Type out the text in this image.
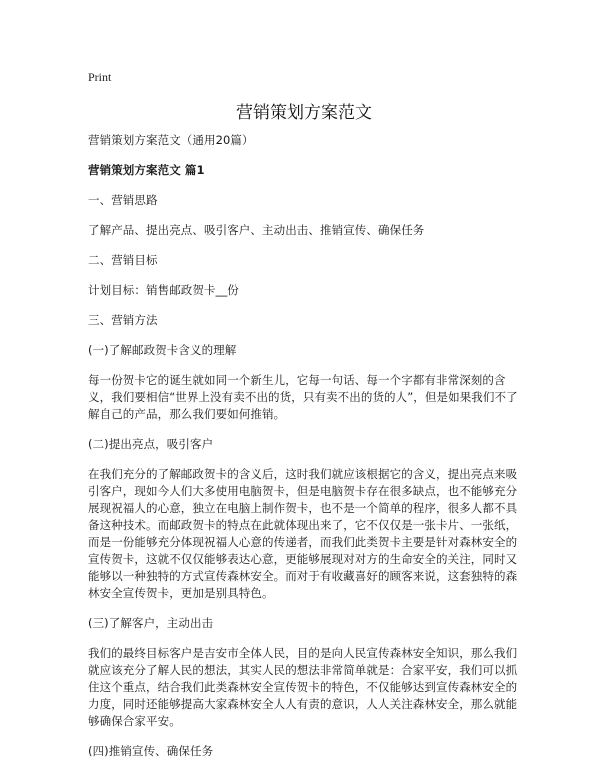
Print
营销策划方案范文

营销策划方案范文（通用20篇）

营销策划方案范文 篇1

一、营销思路

了解产品、提出亮点、吸引客户、主动出击、推销宣传、确保任务

二、营销目标

计划目标：销售邮政贺卡__份

三、营销方法

(一)了解邮政贺卡含义的理解

每一份贺卡它的诞生就如同一个新生儿，它每一句话、每一个字都有非常深刻的含义，我们要相信“世界上没有卖不出的货，只有卖不出的货的人”，但是如果我们不了解自己的产品，那么我们要如何推销。

(二)提出亮点，吸引客户

在我们充分的了解邮政贺卡的含义后，这时我们就应该根据它的含义，提出亮点来吸引客户，现如今人们大多使用电脑贺卡，但是电脑贺卡存在很多缺点，也不能够充分展现祝福人的心意，独立在电脑上制作贺卡，也不是一个简单的程序，很多人都不具备这种技术。而邮政贺卡的特点在此就体现出来了，它不仅仅是一张卡片、一张纸，而是一份能够充分体现祝福人心意的传递者，而我们此类贺卡主要是针对森林安全的宣传贺卡，这就不仅仅能够表达心意，更能够展现对对方的生命安全的关注，同时又能够以一种独特的方式宣传森林安全。而对于有收藏喜好的顾客来说，这套独特的森林安全宣传贺卡，更加是别具特色。

(三)了解客户，主动出击

我们的最终目标客户是吉安市全体人民，目的是向人民宣传森林安全知识，那么我们就应该充分了解人民的想法，其实人民的想法非常简单就是：合家平安，我们可以抓住这个重点，结合我们此类森林安全宣传贺卡的特色，不仅能够达到宣传森林安全的力度，同时还能够提高大家森林安全人人有责的意识，人人关注森林安全，那么就能够确保合家平安。

(四)推销宣传、确保任务
